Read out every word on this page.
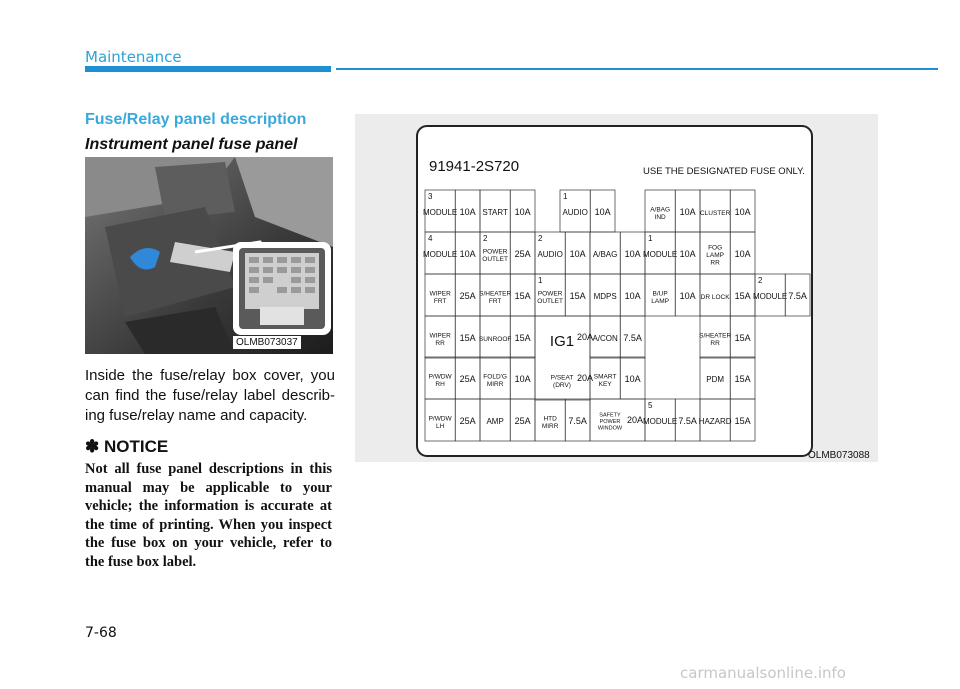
Maintenance
Fuse/Relay panel description
Instrument panel fuse panel
OLMB073037
Inside the fuse/relay box cover, you can find the fuse/relay label describ-ing fuse/relay name and capacity.
✽ NOTICE
Not all fuse panel descriptions in this manual may be applicable to your vehicle; the information is accurate at the time of printing. When you inspect the fuse box on your vehicle, refer to the fuse box label.
91941-2S720	USE THE DESIGNATED FUSE ONLY.
MODULE 10A
3
MODULE 10A
4
WIPER
FRT
25A
WIPER
RR
15A
P/WDW
RH
25A
P/WDW
LH
25A
START 10A
POWER
OUTLET
25A
2
S/HEATER
FRT
15A
SUNROOF 15A
FOLD'G
MIRR
10A
AMP 25A
AUDIO 10A
1
AUDIO 10A
2
POWER
OUTLET
15A
1
HTD
MIRR
7.5A
A/BAG 10A
MDPS 10A
A/CON 7.5A
SMART
KEY
10A
A/BAG
IND
10A
MODULE 10A
1
B/UP
LAMP
10A
MODULE 7.5A
5
CLUSTER 10A
FOG
LAMP
RR
10A
DR LOCK 15A
S/HEATER
RR
15A
PDM 15A
HAZARD 15A
MODULE 7.5A
2
IG1 20A
P/SEAT
(DRV)
20A
SAFETY
POWER
WINDOW
20A
OLMB073088
7-68
carmanualsonline.info
